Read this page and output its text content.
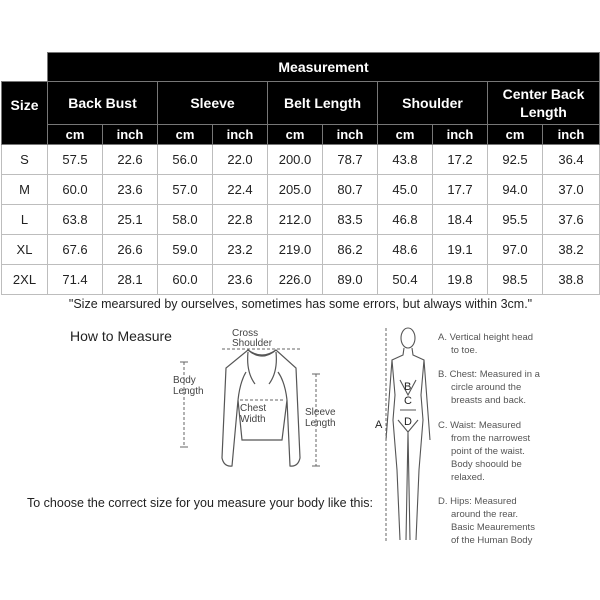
	Measurement									
Size	Back Bust		Sleeve		Belt Length		Shoulder		Center Back Length	
	cm	inch	cm	inch	cm	inch	cm	inch	cm	inch
S	57.5	22.6	56.0	22.0	200.0	78.7	43.8	17.2	92.5	36.4
M	60.0	23.6	57.0	22.4	205.0	80.7	45.0	17.7	94.0	37.0
L	63.8	25.1	58.0	22.8	212.0	83.5	46.8	18.4	95.5	37.6
XL	67.6	26.6	59.0	23.2	219.0	86.2	48.6	19.1	97.0	38.2
2XL	71.4	28.1	60.0	23.6	226.0	89.0	50.4	19.8	98.5	38.8
"Size mearsured by ourselves, sometimes has some errors, but always within 3cm."										
How to Measure
To choose the correct size for you measure your body like this:
Cross
Shoulder
Body
Length
Chest
Width
Sleeve
Length	A
B
C
D
A. Vertical height head
to toe.
B. Chest: Measured in a
circle around the
breasts and back.
C. Waist: Measured
from the narrowest
point of the waist.
Body shoould be
relaxed.
D. Hips: Measured
around the rear.
Basic Meaurements
of the Human Body
